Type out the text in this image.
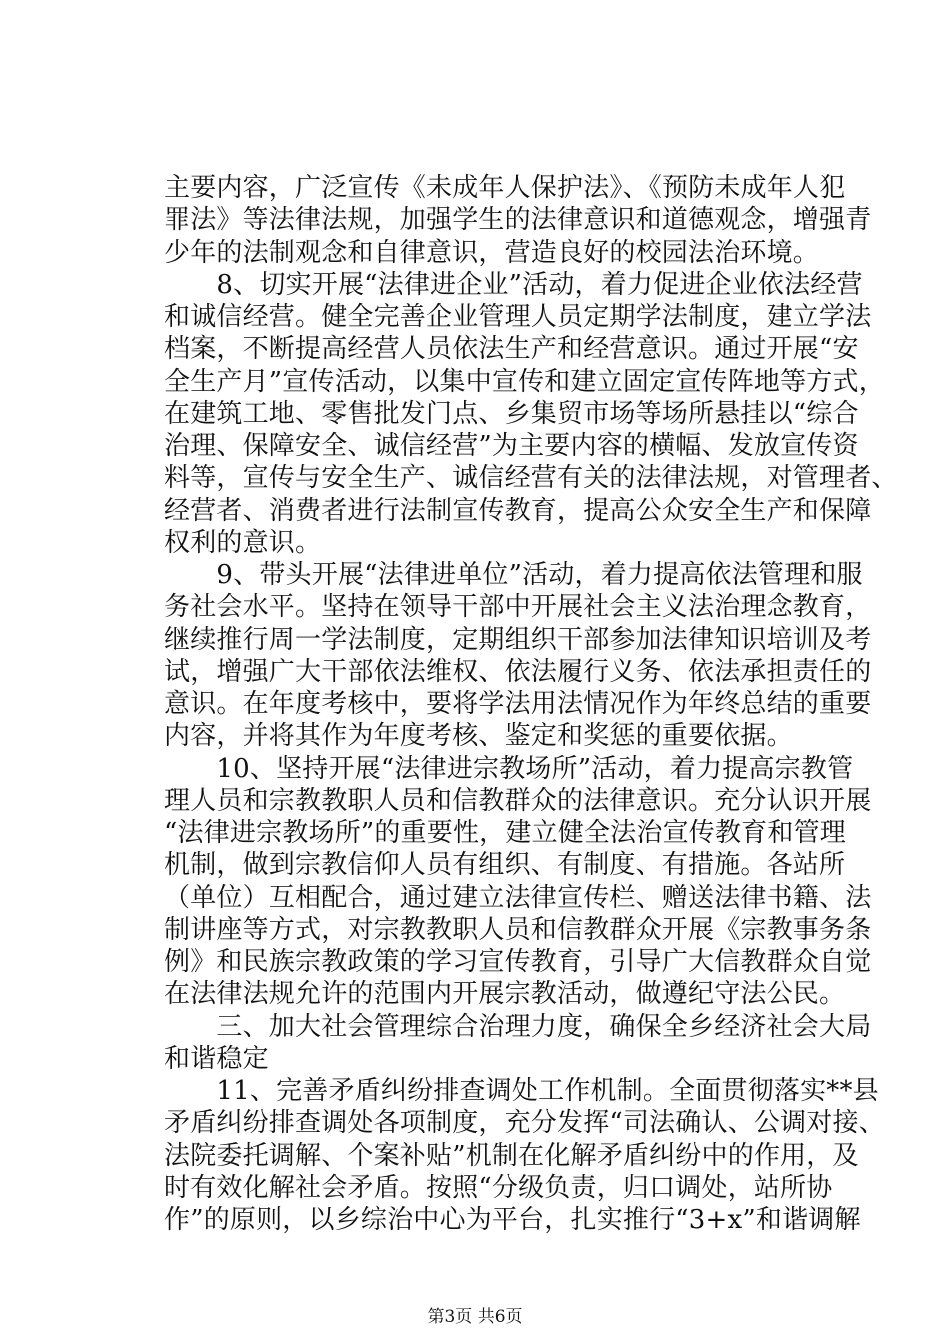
主要内容，广泛宣传《未成年人保护法》、《预防未成年人犯
罪法》等法律法规，加强学生的法律意识和道德观念，增强青
少年的法制观念和自律意识，营造良好的校园法治环境。
　　8、切实开展“法律进企业”活动，着力促进企业依法经营
和诚信经营。健全完善企业管理人员定期学法制度，建立学法
档案，不断提高经营人员依法生产和经营意识。通过开展“安
全生产月”宣传活动，以集中宣传和建立固定宣传阵地等方式，
在建筑工地、零售批发门点、乡集贸市场等场所悬挂以“综合
治理、保障安全、诚信经营”为主要内容的横幅、发放宣传资
料等，宣传与安全生产、诚信经营有关的法律法规，对管理者、
经营者、消费者进行法制宣传教育，提高公众安全生产和保障
权利的意识。
　　9、带头开展“法律进单位”活动，着力提高依法管理和服
务社会水平。坚持在领导干部中开展社会主义法治理念教育，
继续推行周一学法制度，定期组织干部参加法律知识培训及考
试，增强广大干部依法维权、依法履行义务、依法承担责任的
意识。在年度考核中，要将学法用法情况作为年终总结的重要
内容，并将其作为年度考核、鉴定和奖惩的重要依据。
　　10、坚持开展“法律进宗教场所”活动，着力提高宗教管
理人员和宗教教职人员和信教群众的法律意识。充分认识开展
“法律进宗教场所”的重要性，建立健全法治宣传教育和管理
机制，做到宗教信仰人员有组织、有制度、有措施。各站所
（单位）互相配合，通过建立法律宣传栏、赠送法律书籍、法
制讲座等方式，对宗教教职人员和信教群众开展《宗教事务条
例》和民族宗教政策的学习宣传教育，引导广大信教群众自觉
在法律法规允许的范围内开展宗教活动，做遵纪守法公民。
　　三、加大社会管理综合治理力度，确保全乡经济社会大局
和谐稳定
　　11、完善矛盾纠纷排查调处工作机制。全面贯彻落实**县
矛盾纠纷排查调处各项制度，充分发挥“司法确认、公调对接、
法院委托调解、个案补贴”机制在化解矛盾纠纷中的作用，及
时有效化解社会矛盾。按照“分级负责，归口调处，站所协
作”的原则，以乡综治中心为平台，扎实推行“3+x”和谐调解
第3页 共6页
